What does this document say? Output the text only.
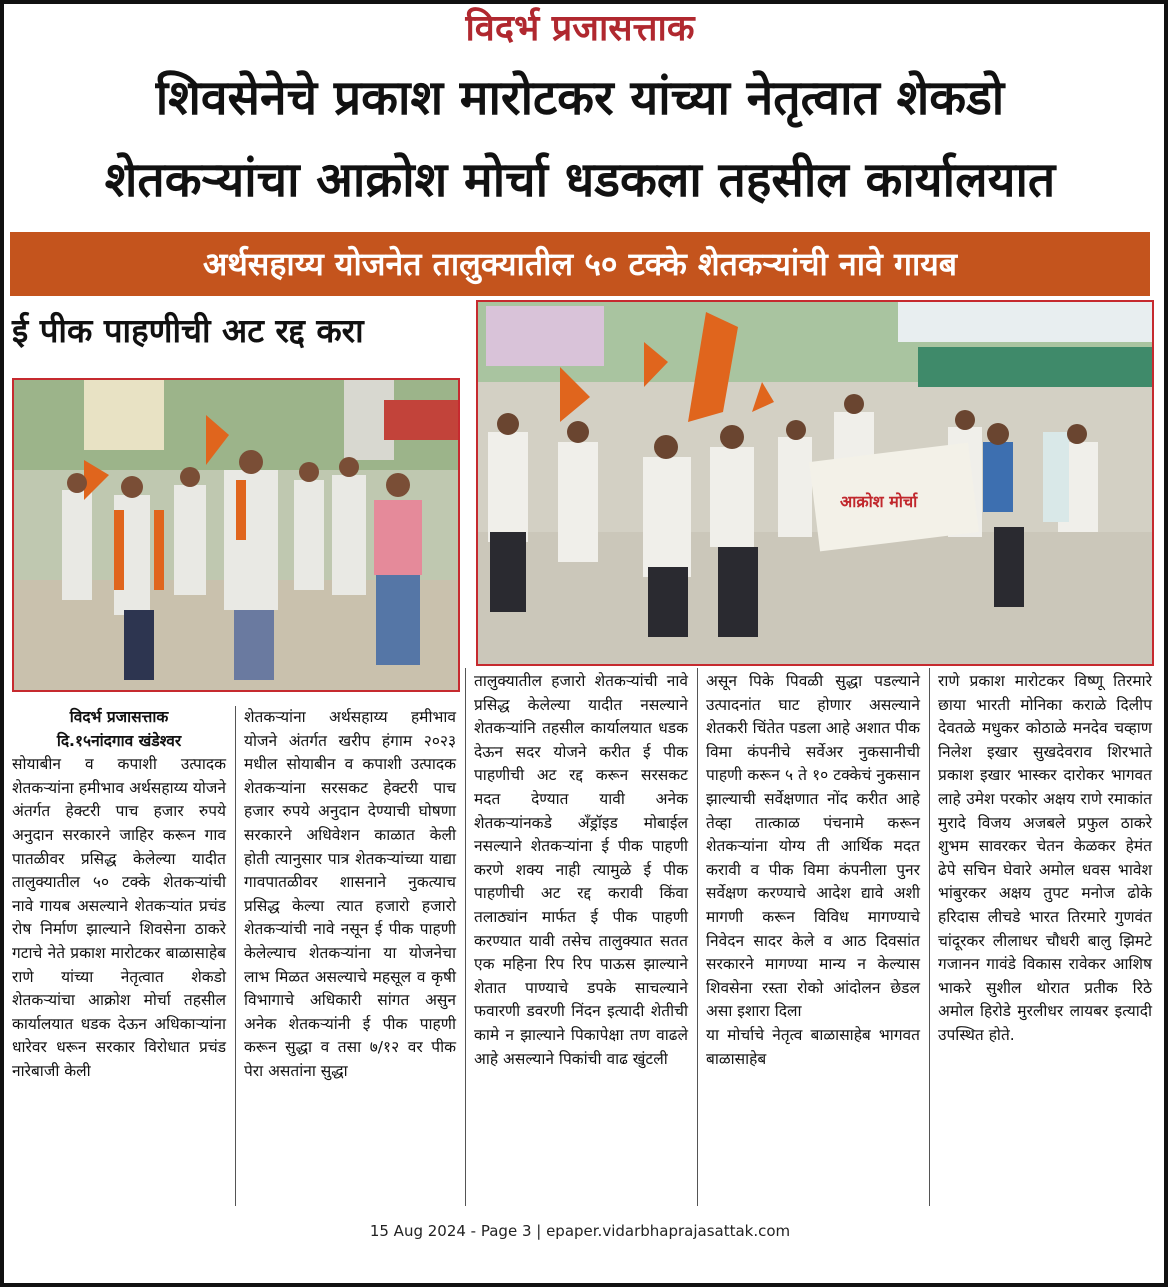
विदर्भ प्रजासत्ताक
शिवसेनेचे प्रकाश मारोटकर यांच्या नेतृत्वात शेकडो
शेतकऱ्यांचा आक्रोश मोर्चा धडकला तहसील कार्यालयात
अर्थसहाय्य योजनेत तालुक्यातील ५० टक्के शेतकऱ्यांची नावे गायब
ई पीक पाहणीची अट रद्द करा
आक्रोश मोर्चा
विदर्भ प्रजासत्ताक
दि.१५नांदगाव खंडेश्वर
सोयाबीन व कपाशी उत्पादक शेतकऱ्यांना हमीभाव अर्थसहाय्य योजने अंतर्गत हेक्टरी पाच हजार रुपये अनुदान सरकारने जाहिर करून गाव पातळीवर प्रसिद्ध केलेल्या यादीत तालुक्यातील ५० टक्के शेतकऱ्यांची नावे गायब असल्याने शेतकऱ्यांत प्रचंड रोष निर्माण झाल्याने शिवसेना ठाकरे गटाचे नेते प्रकाश मारोटकर बाळासाहेब राणे यांच्या नेतृत्वात शेकडो शेतकऱ्यांचा आक्रोश मोर्चा तहसील कार्यालयात धडक देऊन अधिकाऱ्यांना धारेवर धरून सरकार विरोधात प्रचंड नारेबाजी केली
शेतकऱ्यांना अर्थसहाय्य हमीभाव योजने अंतर्गत खरीप हंगाम २०२३ मधील सोयाबीन व कपाशी उत्पादक शेतकऱ्यांना सरसकट हेक्टरी पाच हजार रुपये अनुदान देण्याची घोषणा सरकारने अधिवेशन काळात केली होती त्यानुसार पात्र शेतकऱ्यांच्या याद्या गावपातळीवर शासनाने नुकत्याच प्रसिद्ध केल्या त्यात हजारो हजारो शेतकऱ्यांची नावे नसून ई पीक पाहणी केलेल्याच शेतकऱ्यांना या योजनेचा लाभ मिळत असल्याचे महसूल व कृषी विभागाचे अधिकारी सांगत असुन अनेक शेतकऱ्यांनी ई पीक पाहणी करून सुद्धा व तसा ७/१२ वर पीक पेरा असतांना सुद्धा
तालुक्यातील हजारो शेतकऱ्यांची नावे प्रसिद्ध केलेल्या यादीत नसल्याने शेतकऱ्यांनि तहसील कार्यालयात धडक देऊन सदर योजने करीत ई पीक पाहणीची अट रद्द करून सरसकट मदत देण्यात यावी अनेक शेतकऱ्यांनकडे अँड्रॉइड मोबाईल नसल्याने शेतकऱ्यांना ई पीक पाहणी करणे शक्य नाही त्यामुळे ई पीक पाहणीची अट रद्द करावी किंवा तलाठ्यांन मार्फत ई पीक पाहणी करण्यात यावी तसेच तालुक्यात सतत एक महिना रिप रिप पाऊस झाल्याने शेतात पाण्याचे डपके साचल्याने फवारणी डवरणी निंदन इत्यादी शेतीची कामे न झाल्याने पिकापेक्षा तण वाढले आहे असल्याने पिकांची वाढ खुंटली
असून पिके पिवळी सुद्धा पडल्याने उत्पादनांत घाट होणार असल्याने शेतकरी चिंतेत पडला आहे अशात पीक विमा कंपनीचे सर्वेअर नुकसानीची पाहणी करून ५ ते १० टक्केचं नुकसान झाल्याची सर्वेक्षणात नोंद करीत आहे तेव्हा तात्काळ पंचनामे करून शेतकऱ्यांना योग्य ती आर्थिक मदत करावी व पीक विमा कंपनीला पुनर सर्वेक्षण करण्याचे आदेश द्यावे अशी मागणी करून विविध मागण्याचे निवेदन सादर केले व आठ दिवसांत सरकारने मागण्या मान्य न केल्यास शिवसेना रस्ता रोको आंदोलन छेडल असा इशारा दिला
या मोर्चाचे नेतृत्व बाळासाहेब भागवत बाळासाहेब
राणे प्रकाश मारोटकर विष्णू तिरमारे छाया भारती मोनिका कराळे दिलीप देवतळे मधुकर कोठाळे मनदेव चव्हाण निलेश इखार सुखदेवराव शिरभाते प्रकाश इखार भास्कर दारोकर भागवत लाहे उमेश परकोर अक्षय राणे रमाकांत मुरादे विजय अजबले प्रफुल ठाकरे शुभम सावरकर चेतन केळकर हेमंत ढेपे सचिन घेवारे अमोल धवस भावेश भांबुरकर अक्षय तुपट मनोज ढोके हरिदास लीचडे भारत तिरमारे गुणवंत चांदूरकर लीलाधर चौधरी बालु झिमटे गजानन गावंडे विकास रावेकर आशिष भाकरे सुशील थोरात प्रतीक रिठे अमोल हिरोडे मुरलीधर लायबर इत्यादी उपस्थित होते.
15 Aug 2024 - Page 3 | epaper.vidarbhaprajasattak.com
